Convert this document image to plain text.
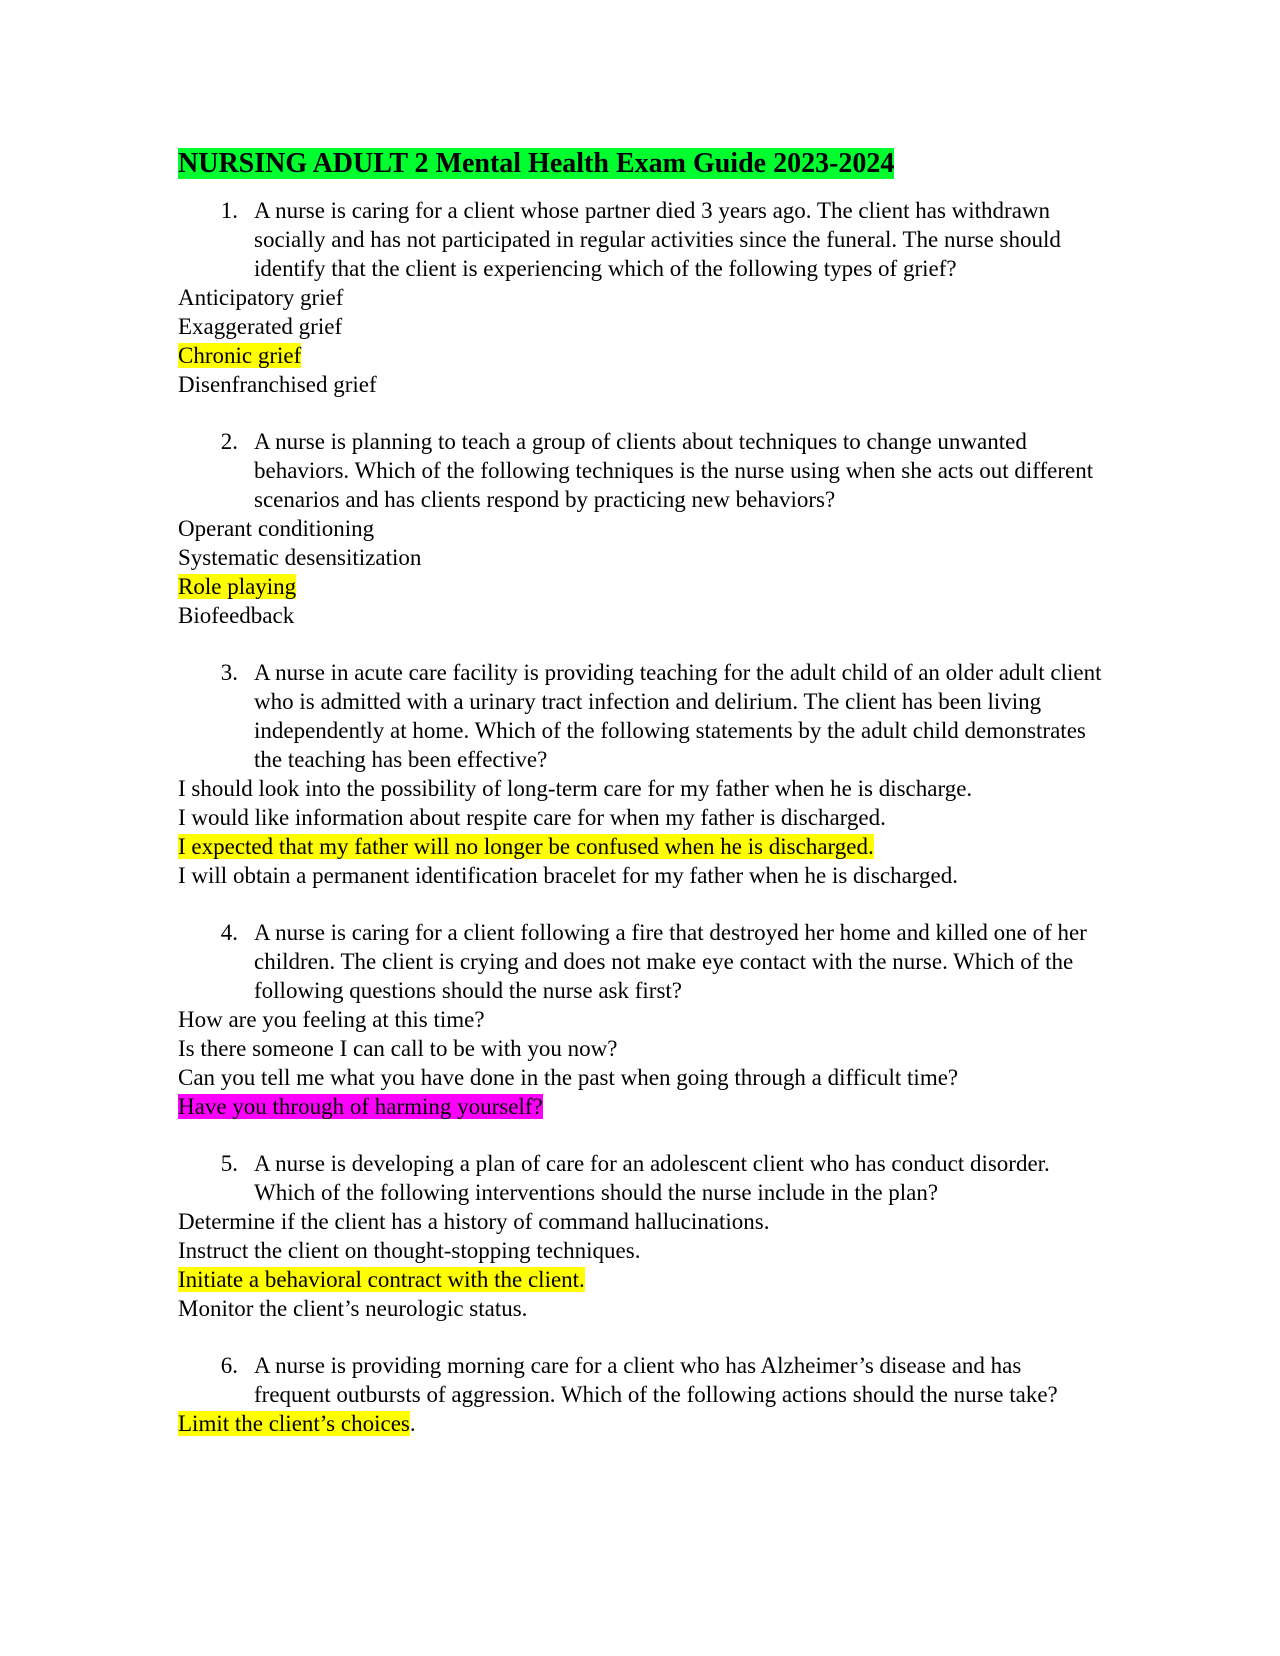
NURSING ADULT 2 Mental Health Exam Guide 2023-2024
1. A nurse is caring for a client whose partner died 3 years ago. The client has withdrawn socially and has not participated in regular activities since the funeral. The nurse should identify that the client is experiencing which of the following types of grief?
Anticipatory grief
Exaggerated grief
Chronic grief
Disenfranchised grief
2. A nurse is planning to teach a group of clients about techniques to change unwanted behaviors. Which of the following techniques is the nurse using when she acts out different scenarios and has clients respond by practicing new behaviors?
Operant conditioning
Systematic desensitization
Role playing
Biofeedback
3. A nurse in acute care facility is providing teaching for the adult child of an older adult client who is admitted with a urinary tract infection and delirium. The client has been living independently at home. Which of the following statements by the adult child demonstrates the teaching has been effective?
I should look into the possibility of long-term care for my father when he is discharge.
I would like information about respite care for when my father is discharged.
I expected that my father will no longer be confused when he is discharged.
I will obtain a permanent identification bracelet for my father when he is discharged.
4. A nurse is caring for a client following a fire that destroyed her home and killed one of her children. The client is crying and does not make eye contact with the nurse. Which of the following questions should the nurse ask first?
How are you feeling at this time?
Is there someone I can call to be with you now?
Can you tell me what you have done in the past when going through a difficult time?
Have you through of harming yourself?
5. A nurse is developing a plan of care for an adolescent client who has conduct disorder. Which of the following interventions should the nurse include in the plan?
Determine if the client has a history of command hallucinations.
Instruct the client on thought-stopping techniques.
Initiate a behavioral contract with the client.
Monitor the client’s neurologic status.
6. A nurse is providing morning care for a client who has Alzheimer’s disease and has frequent outbursts of aggression. Which of the following actions should the nurse take?
Limit the client’s choices.
